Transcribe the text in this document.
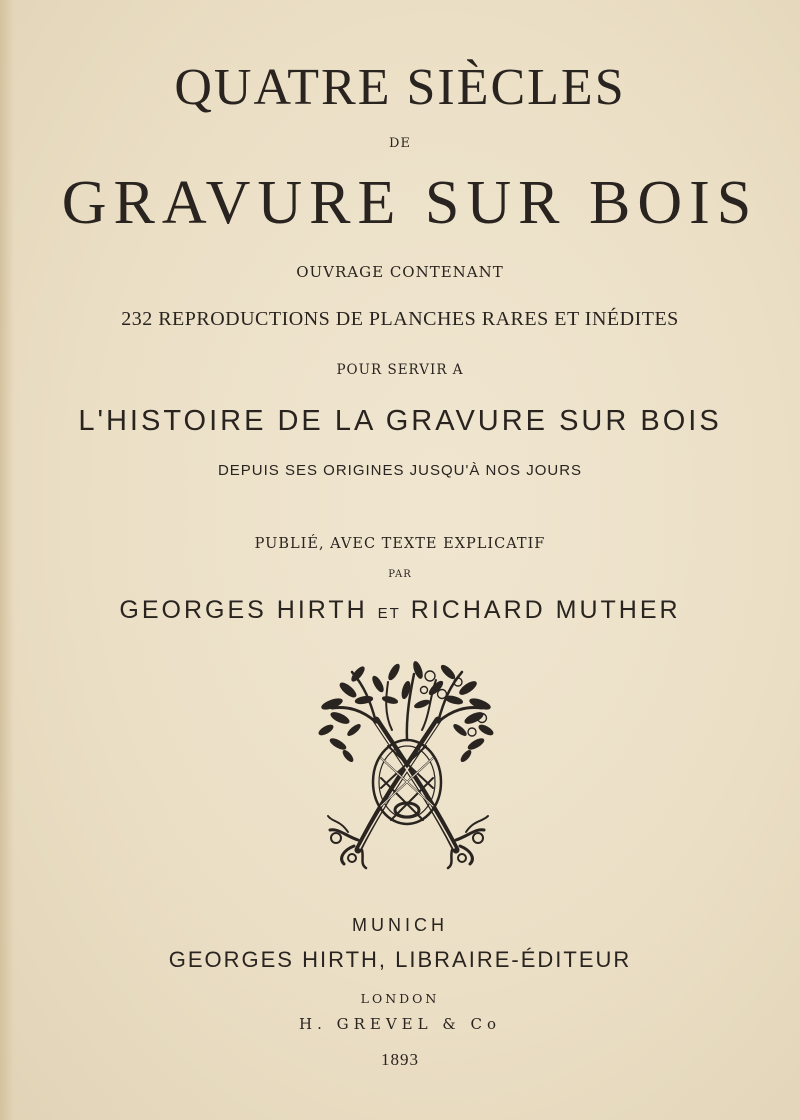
QUATRE SIÈCLES

DE

GRAVURE SUR BOIS

OUVRAGE CONTENANT

232 REPRODUCTIONS DE PLANCHES RARES ET INÉDITES

POUR SERVIR A

L'HISTOIRE DE LA GRAVURE SUR BOIS

DEPUIS SES ORIGINES JUSQU'À NOS JOURS

PUBLIÉ, AVEC TEXTE EXPLICATIF

PAR

GEORGES HIRTH ET RICHARD MUTHER

MUNICH

GEORGES HIRTH, LIBRAIRE-ÉDITEUR

LONDON

H. GREVEL & Co

1893
